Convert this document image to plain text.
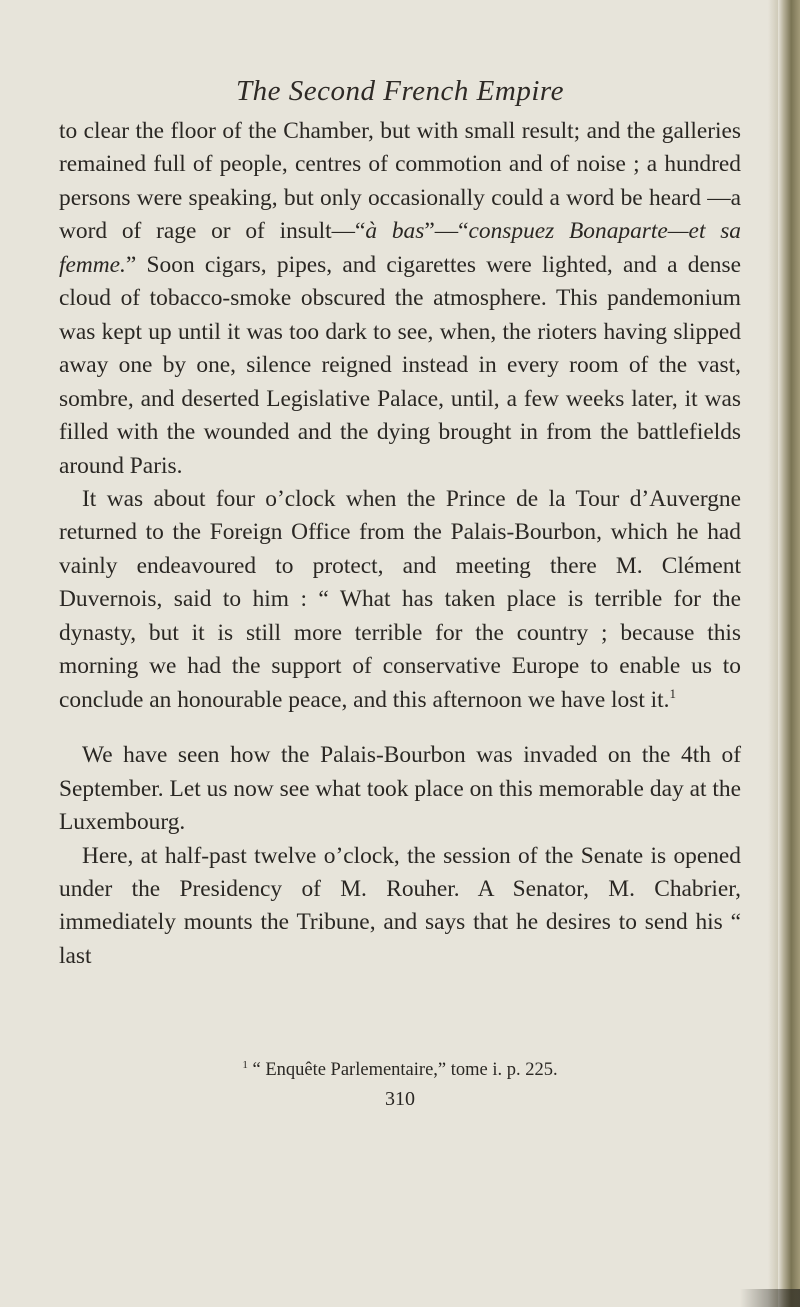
The Second French Empire

to clear the floor of the Chamber, but with small result; and the galleries remained full of people, centres of commotion and of noise ; a hundred persons were speaking, but only occasionally could a word be heard —a word of rage or of insult—“à bas”—“conspuez Bonaparte—et sa femme.” Soon cigars, pipes, and cigarettes were lighted, and a dense cloud of tobacco-smoke obscured the atmosphere. This pandemonium was kept up until it was too dark to see, when, the rioters having slipped away one by one, silence reigned instead in every room of the vast, sombre, and deserted Legislative Palace, until, a few weeks later, it was filled with the wounded and the dying brought in from the battlefields around Paris.

It was about four o’clock when the Prince de la Tour d’Auvergne returned to the Foreign Office from the Palais-Bourbon, which he had vainly endeavoured to protect, and meeting there M. Clément Duvernois, said to him : “ What has taken place is terrible for the dynasty, but it is still more terrible for the country ; because this morning we had the support of conservative Europe to enable us to conclude an honourable peace, and this afternoon we have lost it.$^1$

We have seen how the Palais-Bourbon was invaded on the 4th of September. Let us now see what took place on this memorable day at the Luxembourg.

Here, at half-past twelve o’clock, the session of the Senate is opened under the Presidency of M. Rouher. A Senator, M. Chabrier, immediately mounts the Tribune, and says that he desires to send his “ last

$^1$ “ Enquête Parlementaire,” tome i. p. 225.
310
